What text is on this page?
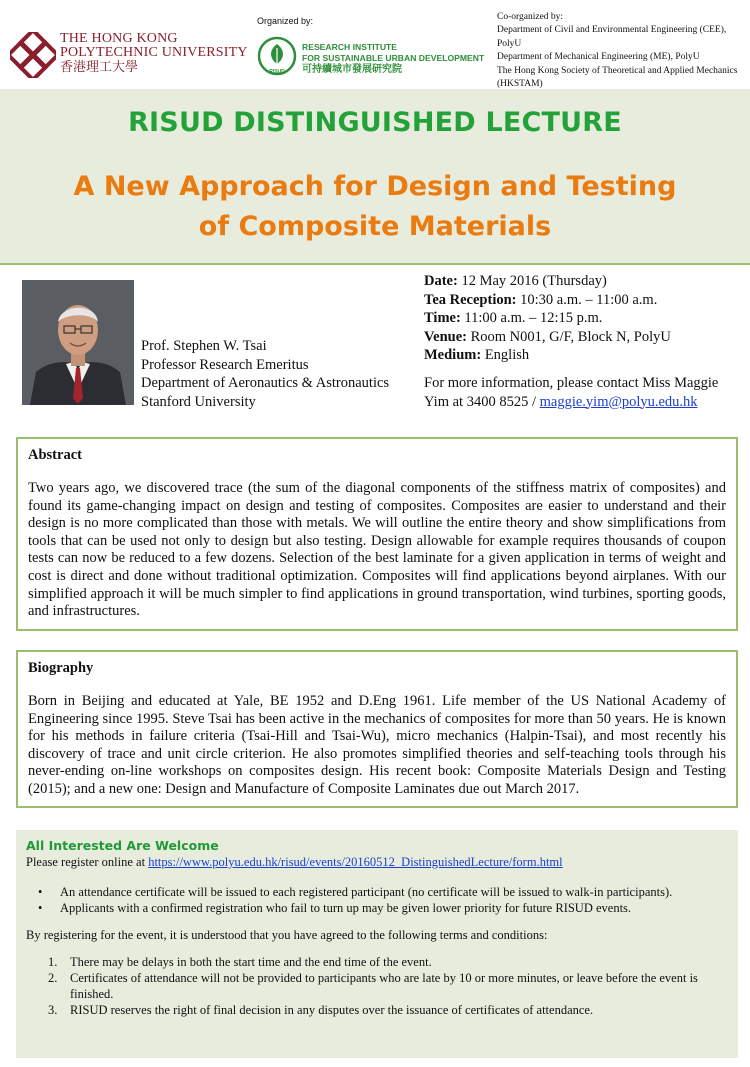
THE HONG KONG
POLYTECHNIC UNIVERSITY
香港理工大學
Organized by:
RISUD
RESEARCH INSTITUTE
FOR SUSTAINABLE URBAN DEVELOPMENT
可持續城市發展研究院
Co-organized by:
Department of Civil and Environmental Engineering (CEE), PolyU
Department of Mechanical Engineering (ME), PolyU
The Hong Kong Society of Theoretical and Applied Mechanics (HKSTAM)
RISUD DISTINGUISHED LECTURE
A New Approach for Design and Testing
of Composite Materials
Prof. Stephen W. Tsai
Professor Research Emeritus
Department of Aeronautics & Astronautics
Stanford University
Date: 12 May 2016 (Thursday)
Tea Reception: 10:30 a.m. – 11:00 a.m.
Time: 11:00 a.m. – 12:15 p.m.
Venue: Room N001, G/F, Block N, PolyU
Medium: English
For more information, please contact Miss Maggie Yim at 3400 8525 / maggie.yim@polyu.edu.hk
Abstract

Two years ago, we discovered trace (the sum of the diagonal components of the stiffness matrix of composites) and found its game-changing impact on design and testing of composites. Composites are easier to understand and their design is no more complicated than those with metals. We will outline the entire theory and show simplifications from tools that can be used not only to design but also testing. Design allowable for example requires thousands of coupon tests can now be reduced to a few dozens. Selection of the best laminate for a given application in terms of weight and cost is direct and done without traditional optimization. Composites will find applications beyond airplanes. With our simplified approach it will be much simpler to find applications in ground transportation, wind turbines, sporting goods, and infrastructures.

Biography

Born in Beijing and educated at Yale, BE 1952 and D.Eng 1961. Life member of the US National Academy of Engineering since 1995. Steve Tsai has been active in the mechanics of composites for more than 50 years. He is known for his methods in failure criteria (Tsai-Hill and Tsai-Wu), micro mechanics (Halpin-Tsai), and most recently his discovery of trace and unit circle criterion. He also promotes simplified theories and self-teaching tools through his never-ending on-line workshops on composites design. His recent book: Composite Materials Design and Testing (2015); and a new one: Design and Manufacture of Composite Laminates due out March 2017.

All Interested Are Welcome
Please register online at https://www.polyu.edu.hk/risud/events/20160512_DistinguishedLecture/form.html
• An attendance certificate will be issued to each registered participant (no certificate will be issued to walk-in participants).
• Applicants with a confirmed registration who fail to turn up may be given lower priority for future RISUD events.
By registering for the event, it is understood that you have agreed to the following terms and conditions:
1. There may be delays in both the start time and the end time of the event.
2. Certificates of attendance will not be provided to participants who are late by 10 or more minutes, or leave before the event is finished.
3. RISUD reserves the right of final decision in any disputes over the issuance of certificates of attendance.
